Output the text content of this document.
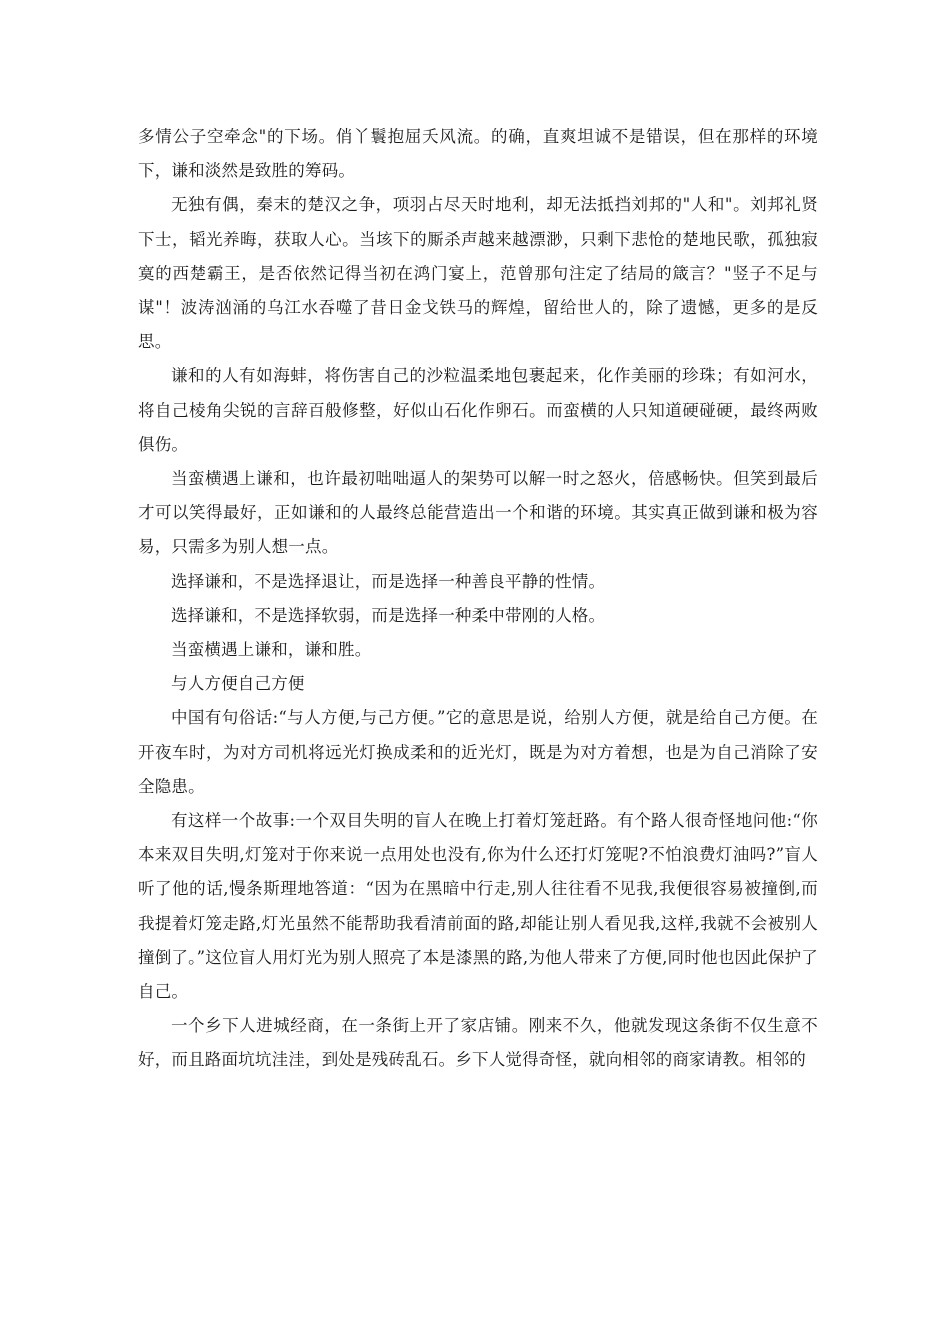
多情公子空牵念"的下场。俏丫鬟抱屈夭风流。的确，直爽坦诚不是错误，但在那样的环境下，谦和淡然是致胜的筹码。

无独有偶，秦末的楚汉之争，项羽占尽天时地利，却无法抵挡刘邦的"人和"。刘邦礼贤下士，韬光养晦，获取人心。当垓下的厮杀声越来越漂渺，只剩下悲怆的楚地民歌，孤独寂寞的西楚霸王，是否依然记得当初在鸿门宴上，范曾那句注定了结局的箴言？"竖子不足与谋"！波涛汹涌的乌江水吞噬了昔日金戈铁马的辉煌，留给世人的，除了遗憾，更多的是反思。

谦和的人有如海蚌，将伤害自己的沙粒温柔地包裹起来，化作美丽的珍珠；有如河水，将自己棱角尖锐的言辞百般修整，好似山石化作卵石。而蛮横的人只知道硬碰硬，最终两败俱伤。

当蛮横遇上谦和，也许最初咄咄逼人的架势可以解一时之怒火，倍感畅快。但笑到最后才可以笑得最好，正如谦和的人最终总能营造出一个和谐的环境。其实真正做到谦和极为容易，只需多为别人想一点。

选择谦和，不是选择退让，而是选择一种善良平静的性情。

选择谦和，不是选择软弱，而是选择一种柔中带刚的人格。

当蛮横遇上谦和，谦和胜。

与人方便自己方便

中国有句俗话:“与人方便,与己方便。”它的意思是说，给别人方便，就是给自己方便。在开夜车时，为对方司机将远光灯换成柔和的近光灯，既是为对方着想，也是为自己消除了安全隐患。

有这样一个故事:一个双目失明的盲人在晚上打着灯笼赶路。有个路人很奇怪地问他:“你本来双目失明,灯笼对于你来说一点用处也没有,你为什么还打灯笼呢?不怕浪费灯油吗?”盲人听了他的话,慢条斯理地答道：“因为在黑暗中行走,别人往往看不见我,我便很容易被撞倒,而我提着灯笼走路,灯光虽然不能帮助我看清前面的路,却能让别人看见我,这样,我就不会被别人撞倒了。”这位盲人用灯光为别人照亮了本是漆黑的路,为他人带来了方便,同时他也因此保护了自己。

一个乡下人进城经商，在一条街上开了家店铺。刚来不久，他就发现这条街不仅生意不好，而且路面坑坑洼洼，到处是残砖乱石。乡下人觉得奇怪，就向相邻的商家请教。相邻的
